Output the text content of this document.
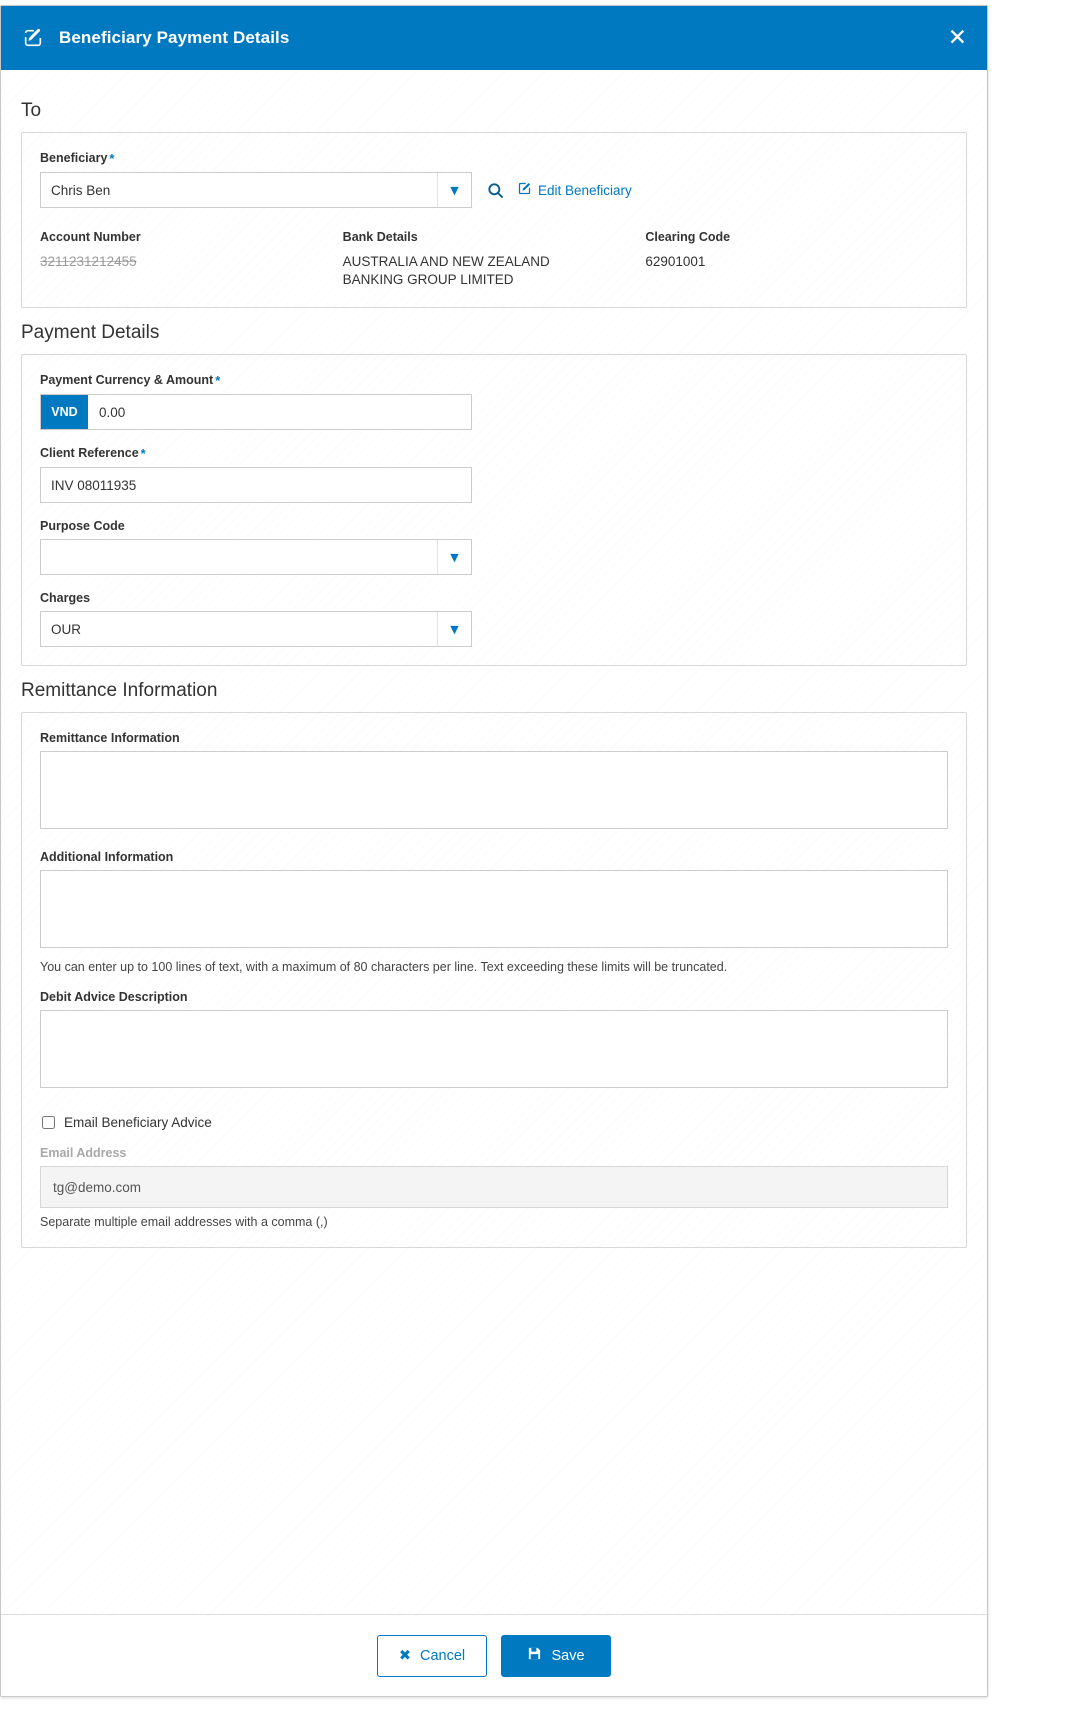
Beneficiary Payment Details	✕
To
Beneficiary *
Chris Ben	▼	Edit Beneficiary
Account Number
3211231212455
Bank Details
AUSTRALIA AND NEW ZEALAND BANKING GROUP LIMITED
Clearing Code
62901001
Payment Details
Payment Currency & Amount *
VND	0.00
Client Reference *
INV 08011935
Purpose Code
▼
Charges
OUR	▼
Remittance Information
Remittance Information
Additional Information
You can enter up to 100 lines of text, with a maximum of 80 characters per line. Text exceeding these limits will be truncated.
Debit Advice Description
Email Beneficiary Advice
Email Address
tg@demo.com
Separate multiple email addresses with a comma (,)
✖ Cancel	Save
